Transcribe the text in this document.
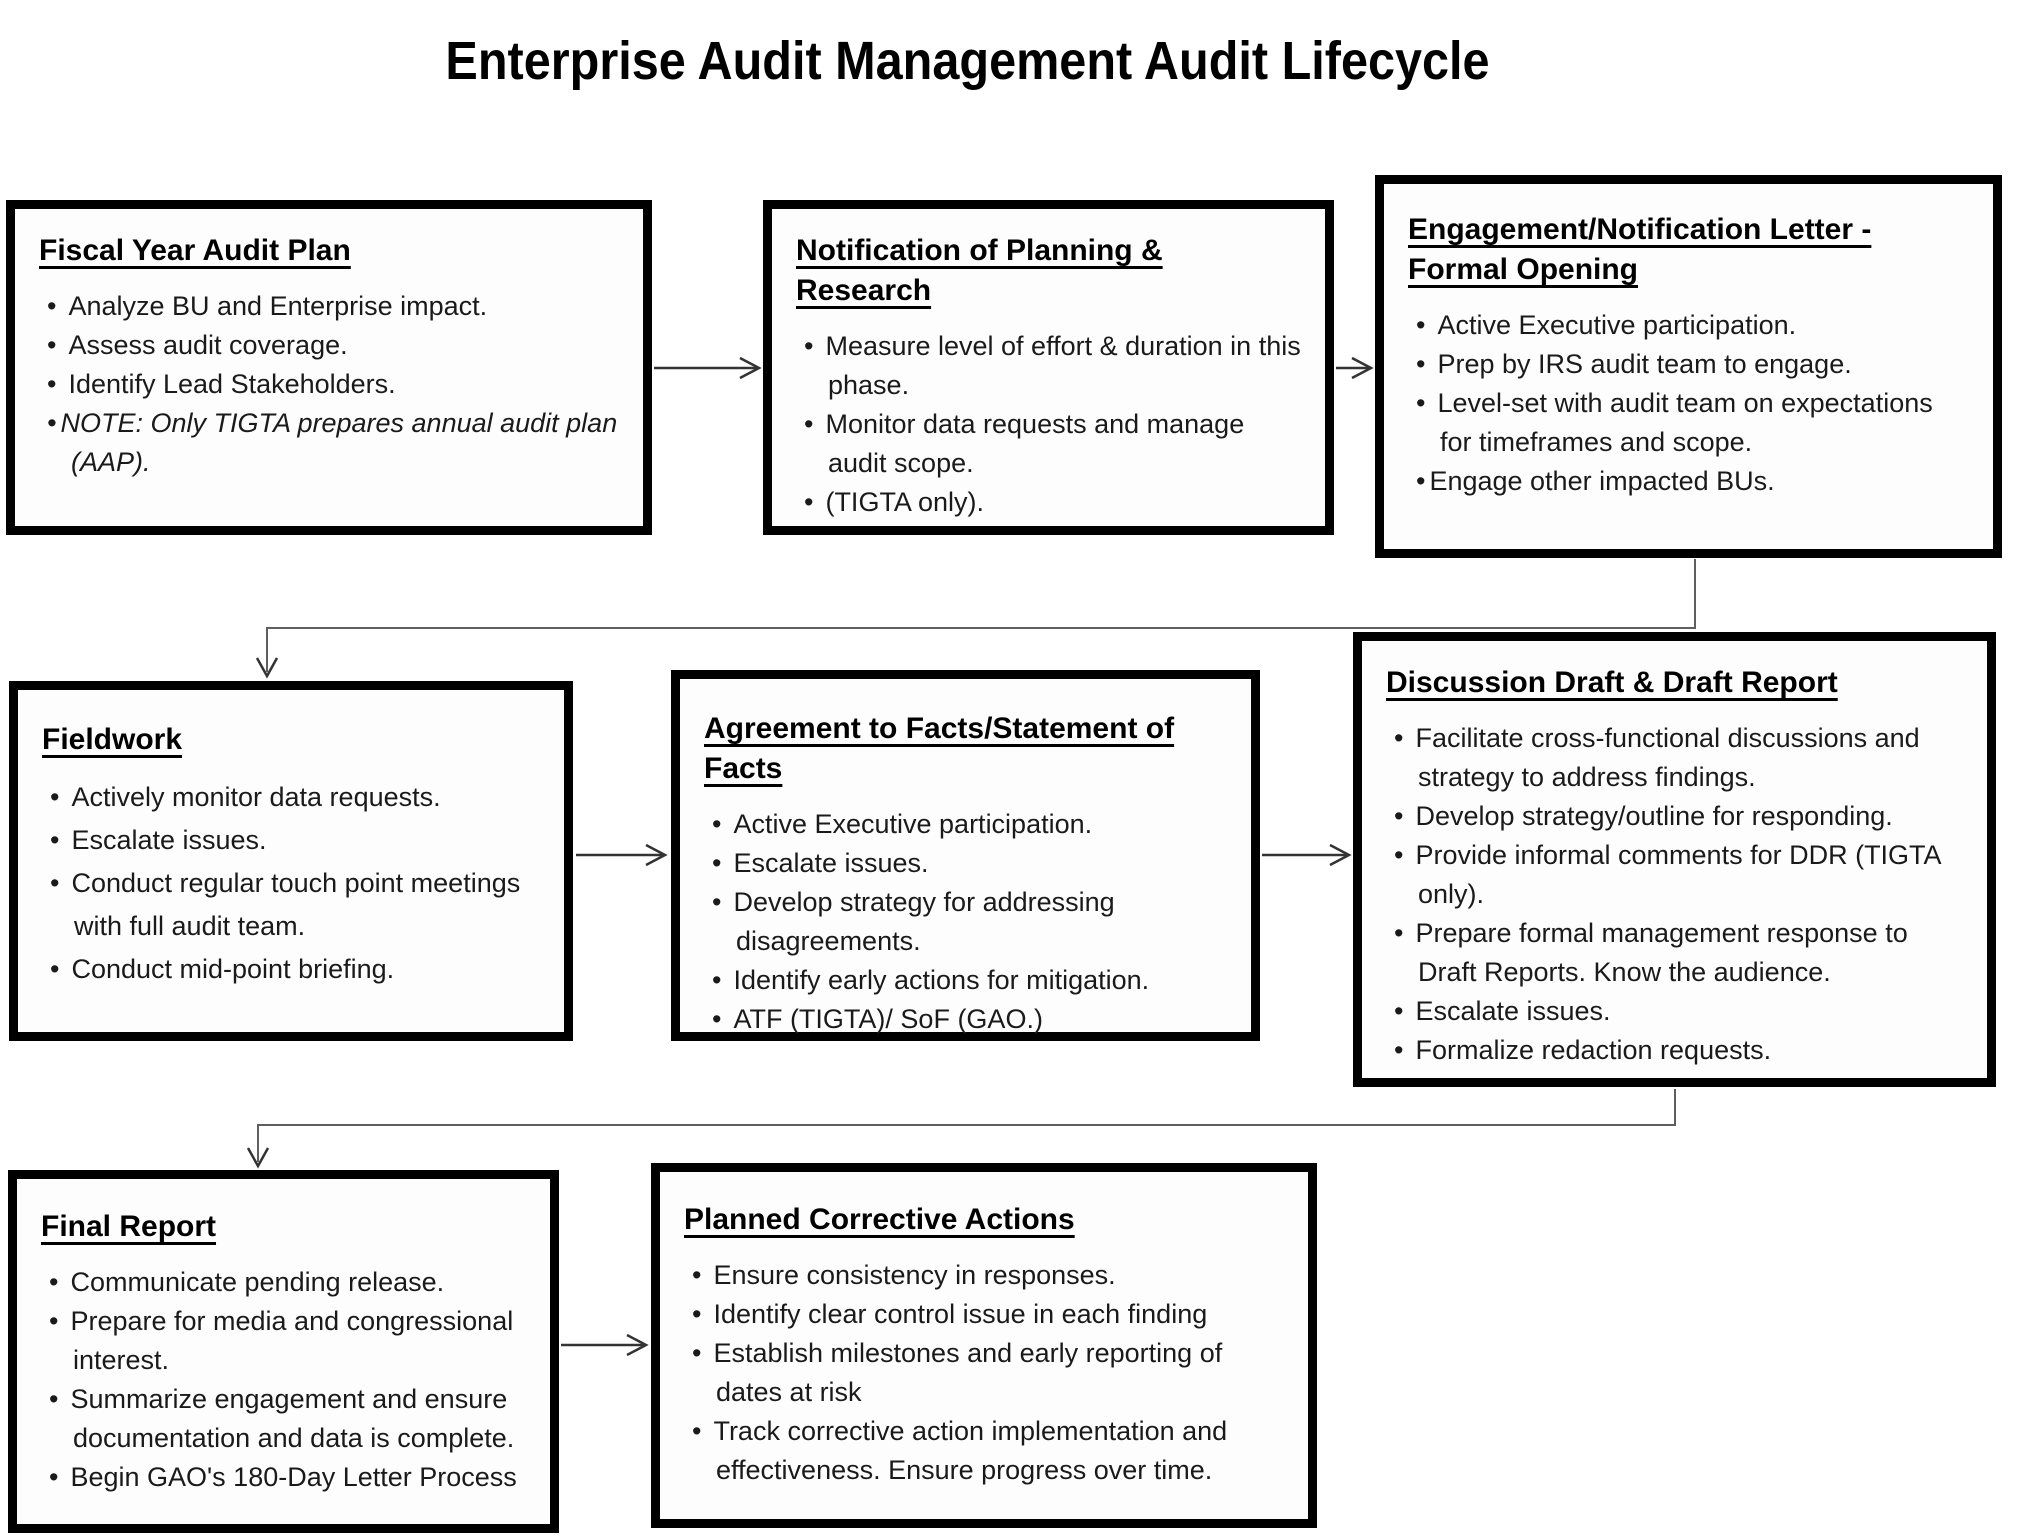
Enterprise Audit Management Audit Lifecycle
Fiscal Year Audit Plan
• Analyze BU and Enterprise impact.
• Assess audit coverage.
• Identify Lead Stakeholders.
• NOTE: Only TIGTA prepares annual audit plan (AAP).
Notification of Planning & Research
• Measure level of effort & duration in this phase.
• Monitor data requests and manage audit scope.
• (TIGTA only).
Engagement/Notification Letter - Formal Opening
• Active Executive participation.
• Prep by IRS audit team to engage.
• Level-set with audit team on expectations for timeframes and scope.
• Engage other impacted BUs.
Fieldwork
• Actively monitor data requests.
• Escalate issues.
• Conduct regular touch point meetings with full audit team.
• Conduct mid-point briefing.
Agreement to Facts/Statement of Facts
• Active Executive participation.
• Escalate issues.
• Develop strategy for addressing disagreements.
• Identify early actions for mitigation.
• ATF (TIGTA)/ SoF (GAO.)
Discussion Draft & Draft Report
• Facilitate cross-functional discussions and strategy to address findings.
• Develop strategy/outline for responding.
• Provide informal comments for DDR (TIGTA only).
• Prepare formal management response to Draft Reports. Know the audience.
• Escalate issues.
• Formalize redaction requests.
Final Report
• Communicate pending release.
• Prepare for media and congressional interest.
• Summarize engagement and ensure documentation and data is complete.
• Begin GAO's 180-Day Letter Process
Planned Corrective Actions
• Ensure consistency in responses.
• Identify clear control issue in each finding
• Establish milestones and early reporting of dates at risk
• Track corrective action implementation and effectiveness. Ensure progress over time.
